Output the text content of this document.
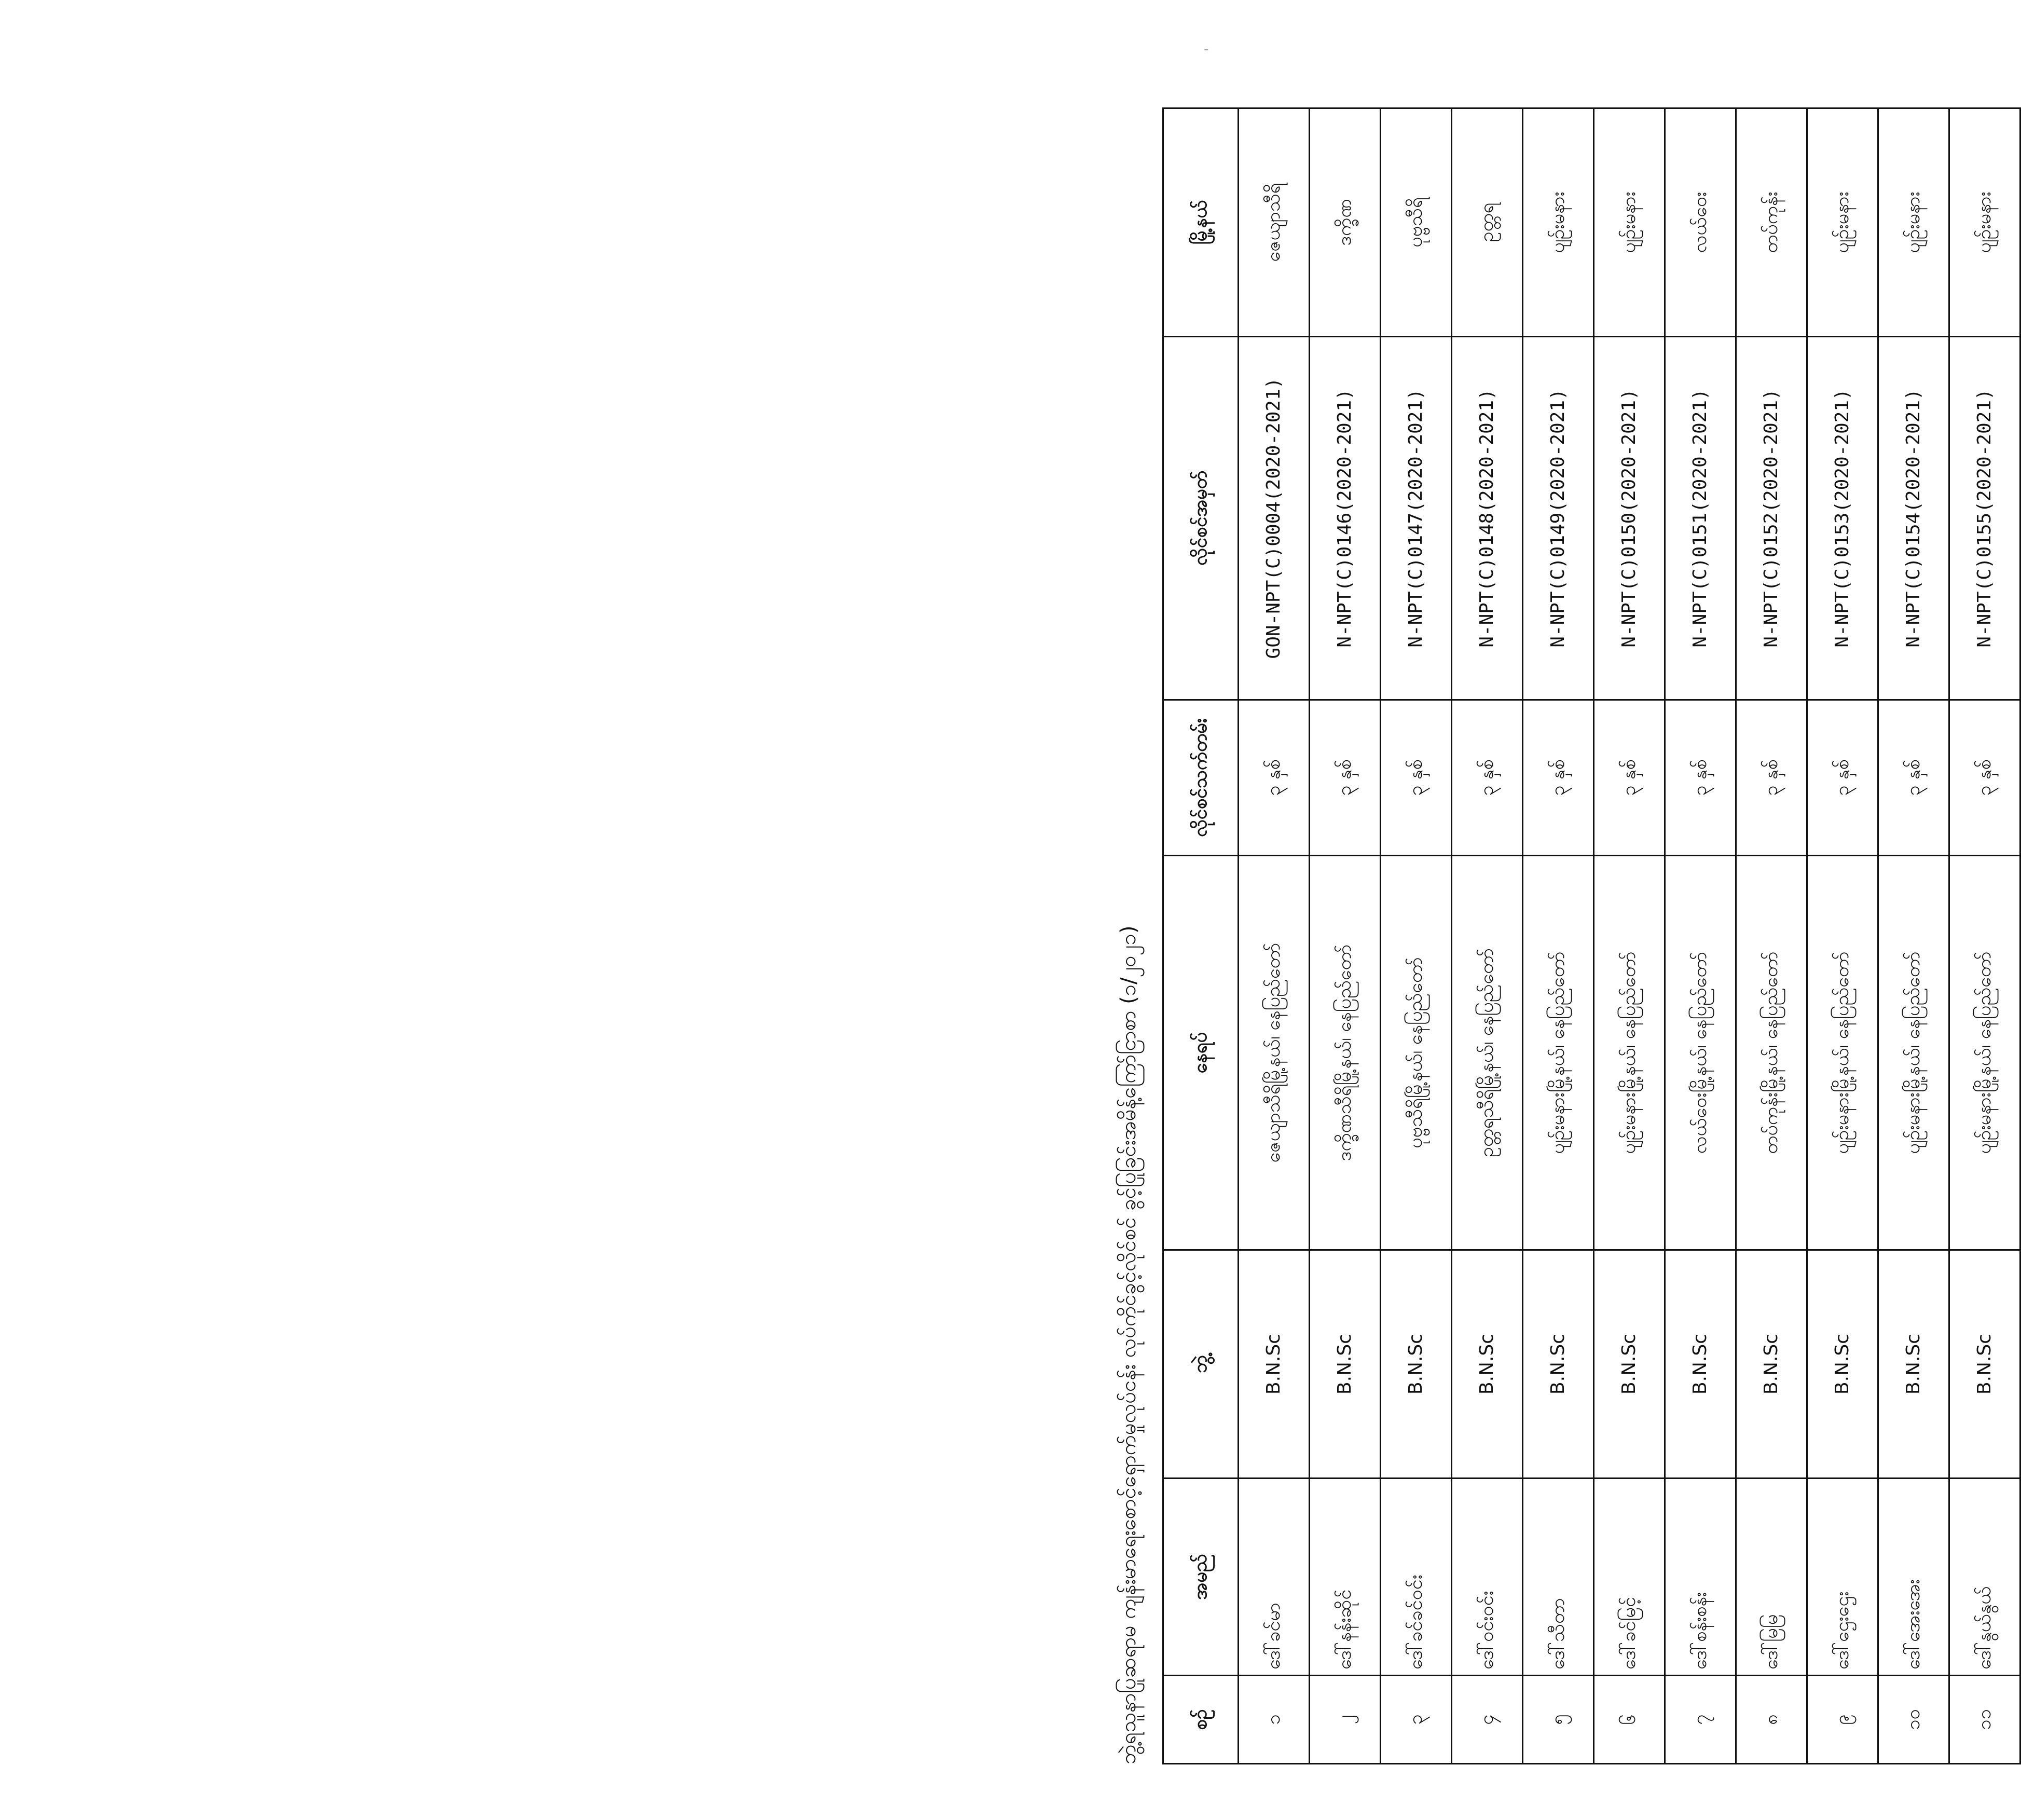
ဘွဲ့ရသူနာပြုဆရာမ ကျန်းမာရေးစောင့်ရှောက်မှုလုပ်ငန်း လုပ်ကိုင်ခွင့်လိုင်စင် ခွင့်ပြုခြင်းအမိန့်ကြော်ငြာစာ (၁/၂၀၂၁)	စဉ်	အမည်	ဘွဲ့	နေရပ်	လိုင်စင်သက်တမ်း	လိုင်စင်အမှတ်	မြို့နယ်
၁	ဒေါ်ခင်မာ	B.N.Sc	ဇေယျာသီရိမြို့နယ်၊ နေပြည်တော်	၃ နှစ်	GON-NPT(C)0004(2020-2021)	ဇေယျာသီရိ
၂	ဒေါ်နန်းဆိုင်	B.N.Sc	ဒက္ခိဏသီရိမြို့နယ်၊ နေပြည်တော်	၃ နှစ်	N-NPT(C)0146(2020-2021)	ဒက္ခိဏ
၃	ဒေါ်ခင်ခင်ဝင်း	B.N.Sc	ပုဗ္ဗသီရိမြို့နယ်၊ နေပြည်တော်	၃ နှစ်	N-NPT(C)0147(2020-2021)	ပုဗ္ဗသီရိ
၄	ဒေါ်ဝင်းဝင်း	B.N.Sc	ဥတ္တရသီရိမြို့နယ်၊ နေပြည်တော်	၃ နှစ်	N-NPT(C)0148(2020-2021)	ဥတ္တရ
၅	ဒေါ်သီတာ	B.N.Sc	ပျဉ်းမနားမြို့နယ်၊ နေပြည်တော်	၃ နှစ်	N-NPT(C)0149(2020-2021)	ပျဉ်းမနား
၆	ဒေါ်ခင်မြင့်	B.N.Sc	ပျဉ်းမနားမြို့နယ်၊ နေပြည်တော်	၃ နှစ်	N-NPT(C)0150(2020-2021)	ပျဉ်းမနား
၇	ဒေါ်စန်းစန်း	B.N.Sc	လယ်ဝေးမြို့နယ်၊ နေပြည်တော်	၃ နှစ်	N-NPT(C)0151(2020-2021)	လယ်ဝေး
၈	ဒေါ်မြမြ	B.N.Sc	တပ်ကုန်းမြို့နယ်၊ နေပြည်တော်	၃ နှစ်	N-NPT(C)0152(2020-2021)	တပ်ကုန်း
၉	ဒေါ်ဌေးဌေး	B.N.Sc	ပျဉ်းမနားမြို့နယ်၊ နေပြည်တော်	၃ နှစ်	N-NPT(C)0153(2020-2021)	ပျဉ်းမနား
၁၀	ဒေါ်အေးအေး	B.N.Sc	ပျဉ်းမနားမြို့နယ်၊ နေပြည်တော်	၃ နှစ်	N-NPT(C)0154(2020-2021)	ပျဉ်းမနား
၁၁	ဒေါ်နွယ်နွယ်	B.N.Sc	ပျဉ်းမနားမြို့နယ်၊ နေပြည်တော်	၃ နှစ်	N-NPT(C)0155(2020-2021)	ပျဉ်းမနား
-
